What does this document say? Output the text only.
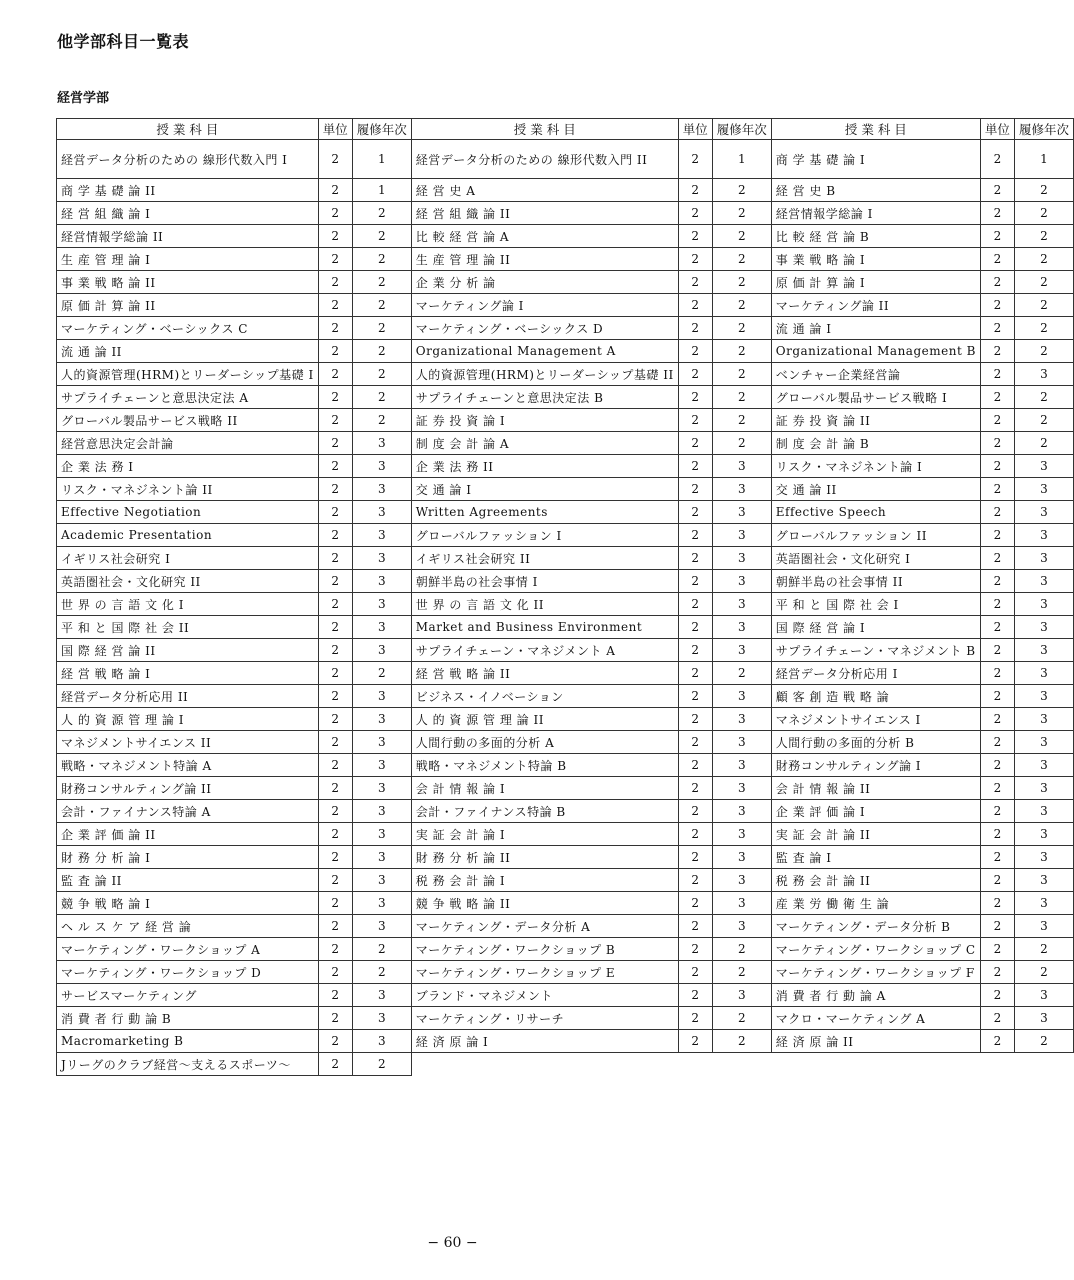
他学部科目一覧表
経営学部
授 業 科 目	単位	履修年次	授 業 科 目	単位	履修年次	授 業 科 目	単位	履修年次
経営データ分析のための 線形代数入門 I	2	1	経営データ分析のための 線形代数入門 II	2	1	商 学 基 礎 論 I	2	1
商 学 基 礎 論 II	2	1	経 営 史 A	2	2	経 営 史 B	2	2
経 営 組 織 論 I	2	2	経 営 組 織 論 II	2	2	経営情報学総論 I	2	2
経営情報学総論 II	2	2	比 較 経 営 論 A	2	2	比 較 経 営 論 B	2	2
生 産 管 理 論 I	2	2	生 産 管 理 論 II	2	2	事 業 戦 略 論 I	2	2
事 業 戦 略 論 II	2	2	企 業 分 析 論	2	2	原 価 計 算 論 I	2	2
原 価 計 算 論 II	2	2	マーケティング論 I	2	2	マーケティング論 II	2	2
マーケティング・ベーシックス C	2	2	マーケティング・ベーシックス D	2	2	流 通 論 I	2	2
流 通 論 II	2	2	Organizational Management A	2	2	Organizational Management B	2	2
人的資源管理(HRM)とリーダーシップ基礎 I	2	2	人的資源管理(HRM)とリーダーシップ基礎 II	2	2	ベンチャー企業経営論	2	3
サプライチェーンと意思決定法 A	2	2	サプライチェーンと意思決定法 B	2	2	グローバル製品サービス戦略 I	2	2
グローバル製品サービス戦略 II	2	2	証 券 投 資 論 I	2	2	証 券 投 資 論 II	2	2
経営意思決定会計論	2	3	制 度 会 計 論 A	2	2	制 度 会 計 論 B	2	2
企 業 法 務 I	2	3	企 業 法 務 II	2	3	リスク・マネジネント論 I	2	3
リスク・マネジネント論 II	2	3	交 通 論 I	2	3	交 通 論 II	2	3
Effective Negotiation	2	3	Written Agreements	2	3	Effective Speech	2	3
Academic Presentation	2	3	グローバルファッション I	2	3	グローバルファッション II	2	3
イギリス社会研究 I	2	3	イギリス社会研究 II	2	3	英語圏社会・文化研究 I	2	3
英語圏社会・文化研究 II	2	3	朝鮮半島の社会事情 I	2	3	朝鮮半島の社会事情 II	2	3
世 界 の 言 語 文 化 I	2	3	世 界 の 言 語 文 化 II	2	3	平 和 と 国 際 社 会 I	2	3
平 和 と 国 際 社 会 II	2	3	Market and Business Environment	2	3	国 際 経 営 論 I	2	3
国 際 経 営 論 II	2	3	サプライチェーン・マネジメント A	2	3	サプライチェーン・マネジメント B	2	3
経 営 戦 略 論 I	2	2	経 営 戦 略 論 II	2	2	経営データ分析応用 I	2	3
経営データ分析応用 II	2	3	ビジネス・イノベーション	2	3	顧 客 創 造 戦 略 論	2	3
人 的 資 源 管 理 論 I	2	3	人 的 資 源 管 理 論 II	2	3	マネジメントサイエンス I	2	3
マネジメントサイエンス II	2	3	人間行動の多面的分析 A	2	3	人間行動の多面的分析 B	2	3
戦略・マネジメント特論 A	2	3	戦略・マネジメント特論 B	2	3	財務コンサルティング論 I	2	3
財務コンサルティング論 II	2	3	会 計 情 報 論 I	2	3	会 計 情 報 論 II	2	3
会計・ファイナンス特論 A	2	3	会計・ファイナンス特論 B	2	3	企 業 評 価 論 I	2	3
企 業 評 価 論 II	2	3	実 証 会 計 論 I	2	3	実 証 会 計 論 II	2	3
財 務 分 析 論 I	2	3	財 務 分 析 論 II	2	3	監 査 論 I	2	3
監 査 論 II	2	3	税 務 会 計 論 I	2	3	税 務 会 計 論 II	2	3
競 争 戦 略 論 I	2	3	競 争 戦 略 論 II	2	3	産 業 労 働 衛 生 論	2	3
ヘ ル ス ケ ア 経 営 論	2	3	マーケティング・データ分析 A	2	3	マーケティング・データ分析 B	2	3
マーケティング・ワークショップ A	2	2	マーケティング・ワークショップ B	2	2	マーケティング・ワークショップ C	2	2
マーケティング・ワークショップ D	2	2	マーケティング・ワークショップ E	2	2	マーケティング・ワークショップ F	2	2
サービスマーケティング	2	3	ブランド・マネジメント	2	3	消 費 者 行 動 論 A	2	3
消 費 者 行 動 論 B	2	3	マーケティング・リサーチ	2	2	マクロ・マーケティング A	2	3
Macromarketing B	2	3	経 済 原 論 I	2	2	経 済 原 論 II	2	2
Jリーグのクラブ経営〜支えるスポーツ〜	2	2						
− 60 −
